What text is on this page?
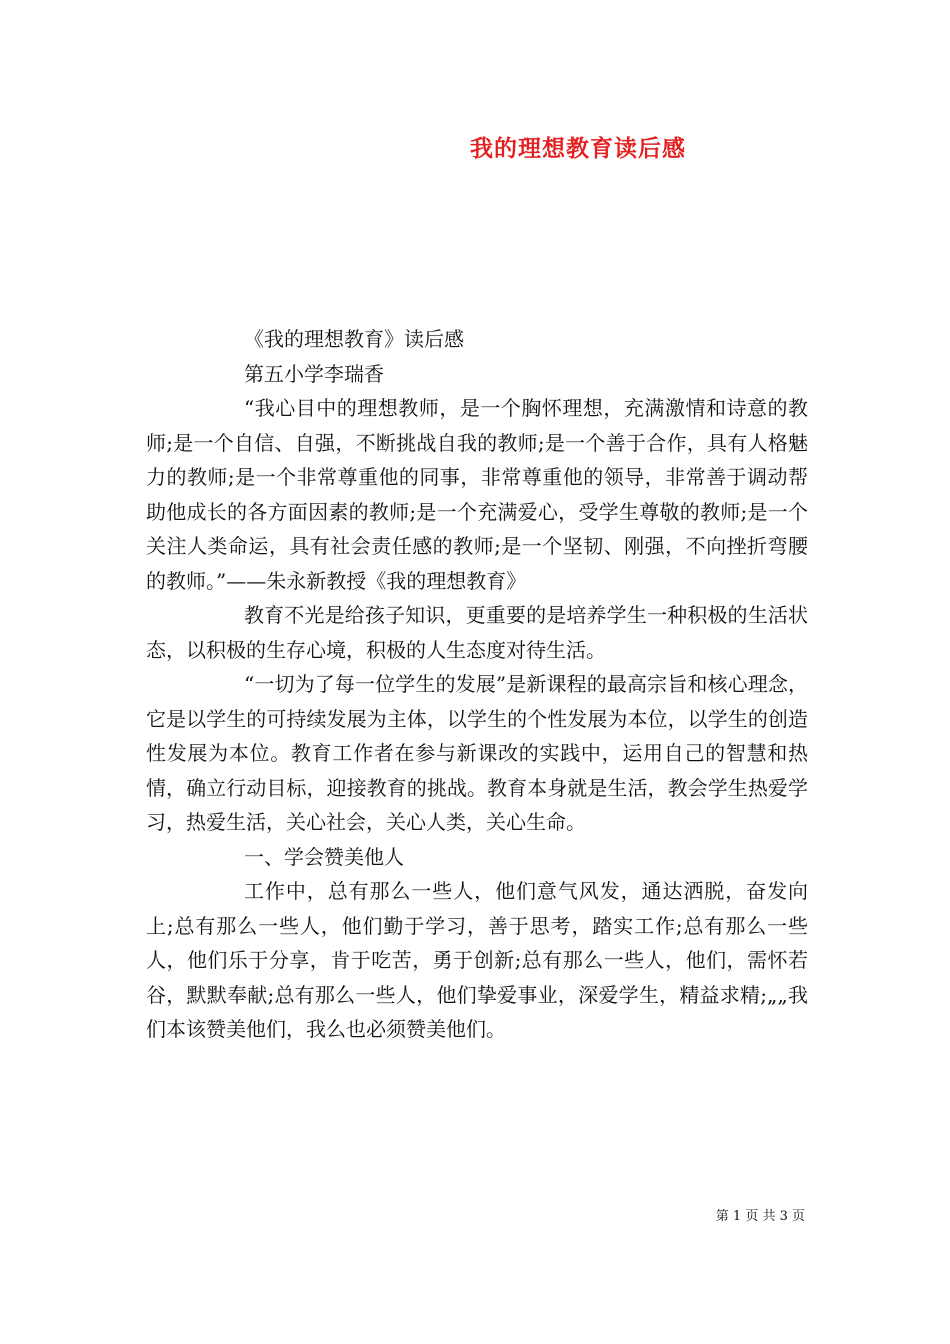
我的理想教育读后感

《我的理想教育》读后感

第五小学李瑞香

“我心目中的理想教师，是一个胸怀理想，充满激情和诗意的教师;是一个自信、自强，不断挑战自我的教师;是一个善于合作，具有人格魅力的教师;是一个非常尊重他的同事，非常尊重他的领导，非常善于调动帮助他成长的各方面因素的教师;是一个充满爱心，受学生尊敬的教师;是一个关注人类命运，具有社会责任感的教师;是一个坚韧、刚强，不向挫折弯腰的教师。”——朱永新教授《我的理想教育》

教育不光是给孩子知识，更重要的是培养学生一种积极的生活状态，以积极的生存心境，积极的人生态度对待生活。

“一切为了每一位学生的发展”是新课程的最高宗旨和核心理念，它是以学生的可持续发展为主体，以学生的个性发展为本位，以学生的创造性发展为本位。教育工作者在参与新课改的实践中，运用自己的智慧和热情，确立行动目标，迎接教育的挑战。教育本身就是生活，教会学生热爱学习，热爱生活，关心社会，关心人类，关心生命。

一、学会赞美他人

工作中，总有那么一些人，他们意气风发，通达洒脱，奋发向上;总有那么一些人，他们勤于学习，善于思考，踏实工作;总有那么一些人，他们乐于分享，肯于吃苦，勇于创新;总有那么一些人，他们，需怀若谷，默默奉献;总有那么一些人，他们挚爱事业，深爱学生，精益求精;„„我们本该赞美他们，我么也必须赞美他们。

第 1 页 共 3 页
